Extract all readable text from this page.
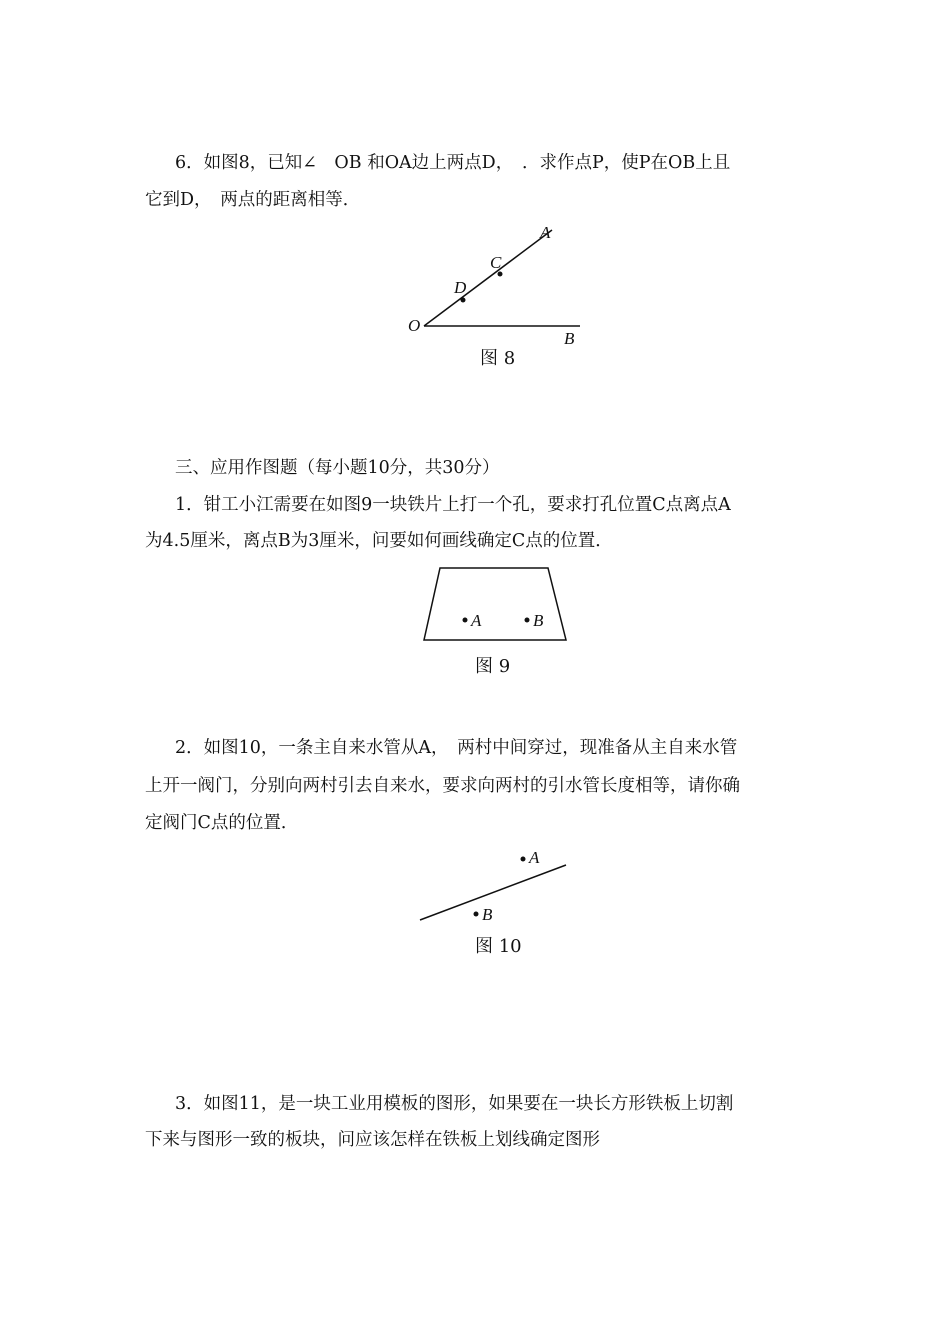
6．如图8，已知∠　OB 和OA边上两点D，　．求作点P，使P在OB上且
它到D，　两点的距离相等．
O
A
C
D
B
A	B
A
B
图 8
三、应用作图题（每小题10分，共30分）
1．钳工小江需要在如图9一块铁片上打一个孔，要求打孔位置C点离点A
为4.5厘米，离点B为3厘米，问要如何画线确定C点的位置．
图 9
2．如图10，一条主自来水管从A，　两村中间穿过，现准备从主自来水管
上开一阀门，分别向两村引去自来水，要求向两村的引水管长度相等，请你确
定阀门C点的位置．
图 10
3．如图11，是一块工业用模板的图形，如果要在一块长方形铁板上切割
下来与图形一致的板块，问应该怎样在铁板上划线确定图形
